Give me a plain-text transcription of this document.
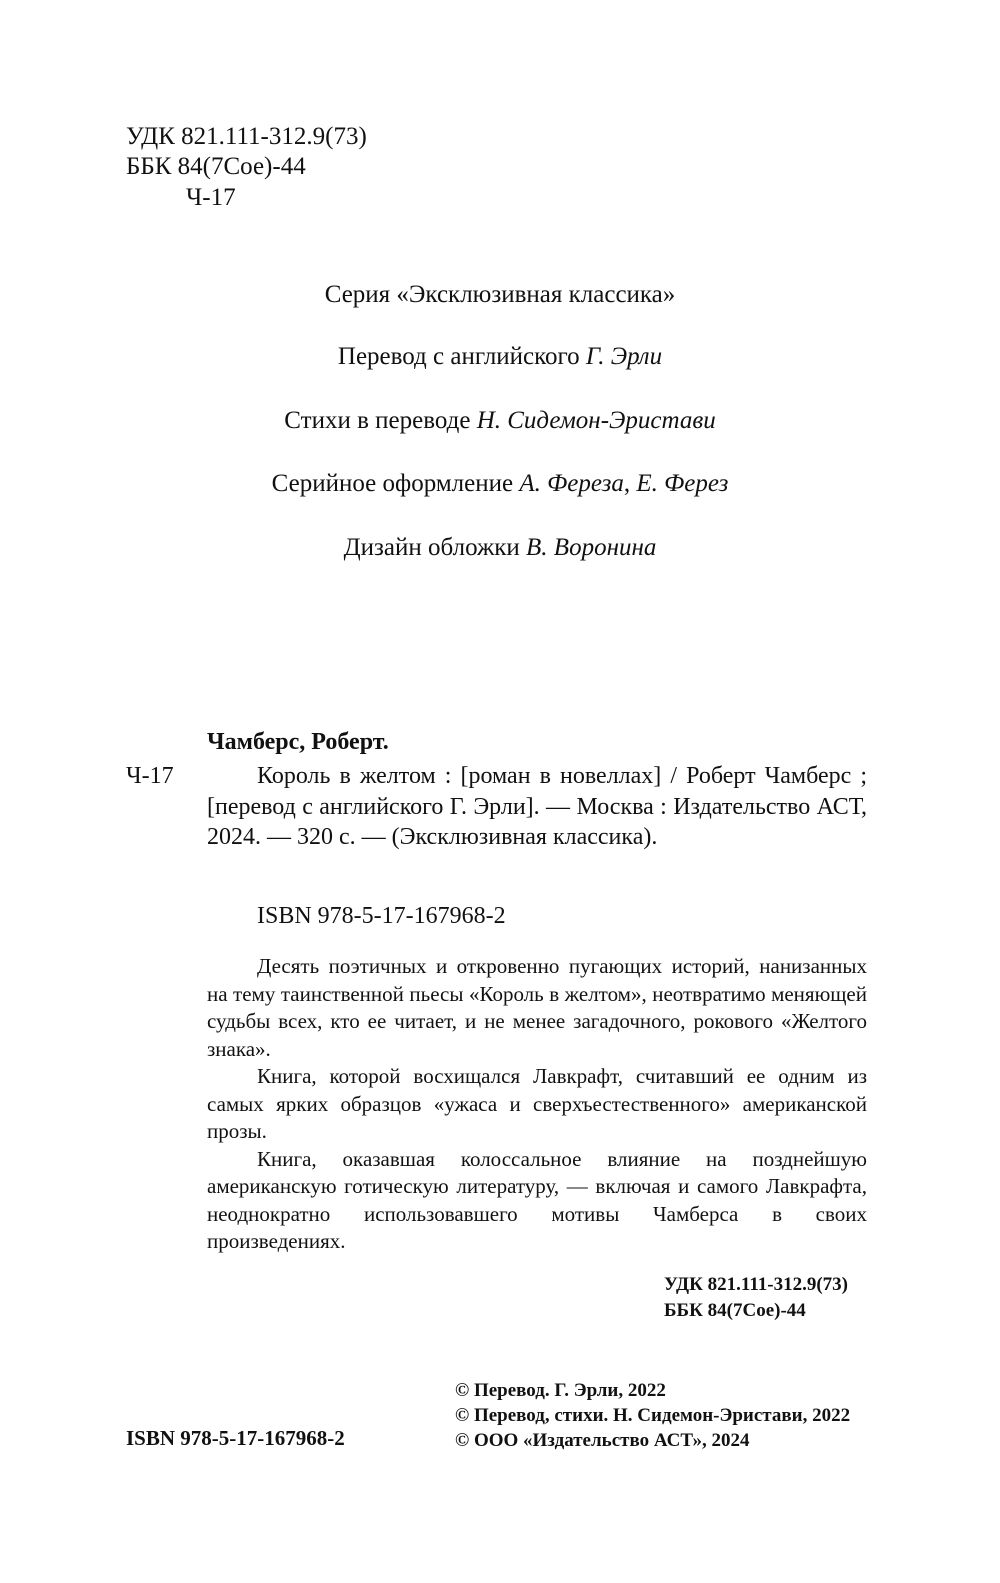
УДК 821.111-312.9(73)
ББК 84(7Сое)-44
Ч-17
Серия «Эксклюзивная классика»
Перевод с английского Г. Эрли
Стихи в переводе Н. Сидемон-Эристави
Серийное оформление А. Фереза, Е. Ферез
Дизайн обложки В. Воронина
Чамберс, Роберт.
Ч-17	Король в желтом : [роман в новеллах] / Роберт Чамберс ; [перевод с английского Г. Эрли]. — Москва : Издательство АСТ, 2024. — 320 с. — (Эксклюзивная классика).
ISBN 978-5-17-167968-2

Десять поэтичных и откровенно пугающих историй, нанизанных на тему таинственной пьесы «Король в желтом», неотвратимо меняющей судьбы всех, кто ее читает, и не менее загадочного, рокового «Желтого знака».

Книга, которой восхищался Лавкрафт, считавший ее одним из самых ярких образцов «ужаса и сверхъестественного» американской прозы.

Книга, оказавшая колоссальное влияние на позднейшую американскую готическую литературу, — включая и самого Лавкрафта, неоднократно использовавшего мотивы Чамберса в своих произведениях.

УДК 821.111-312.9(73)
ББК 84(7Сое)-44
© Перевод. Г. Эрли, 2022
© Перевод, стихи. Н. Сидемон-Эристави, 2022
© ООО «Издательство АСТ», 2024
ISBN 978-5-17-167968-2
